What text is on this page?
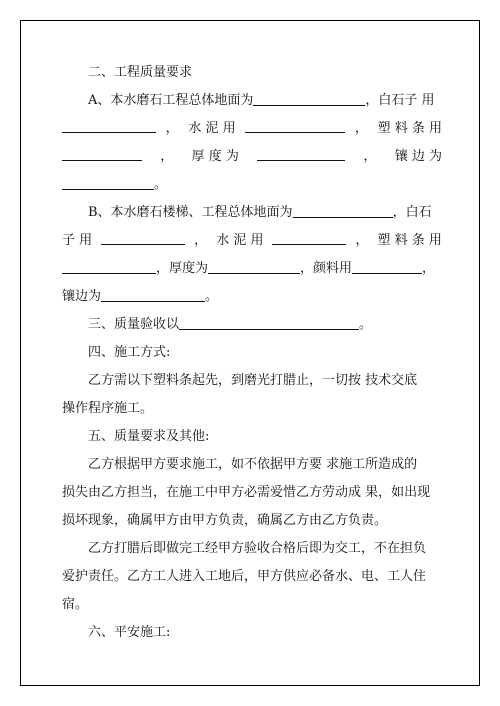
二、工程质量要求
A、本水磨石工程总体地面为	，白石子 用
， 水 泥 用	， 塑 料 条 用
， 厚 度 为	， 镶 边 为
。
B、本水磨石楼梯、工程总体地面为	，白石
子 用	， 水 泥 用	， 塑 料 条 用
，厚度为	，颜料用	，
镶边为	。
三、质量验收以	。
四、施工方式:
乙方需以下塑料条起先，到磨光打腊止，一切按 技术交底
操作程序施工。
五、质量要求及其他:
乙方根据甲方要求施工，如不依据甲方要 求施工所造成的
损失由乙方担当，在施工中甲方必需爱惜乙方劳动成 果，如出现
损坏现象，确属甲方由甲方负责，确属乙方由乙方负责。
乙方打腊后即做完工经甲方验收合格后即为交工，不在担负
爱护责任。乙方工人进入工地后，甲方供应必备水、电、工人住
宿。
六、平安施工:
